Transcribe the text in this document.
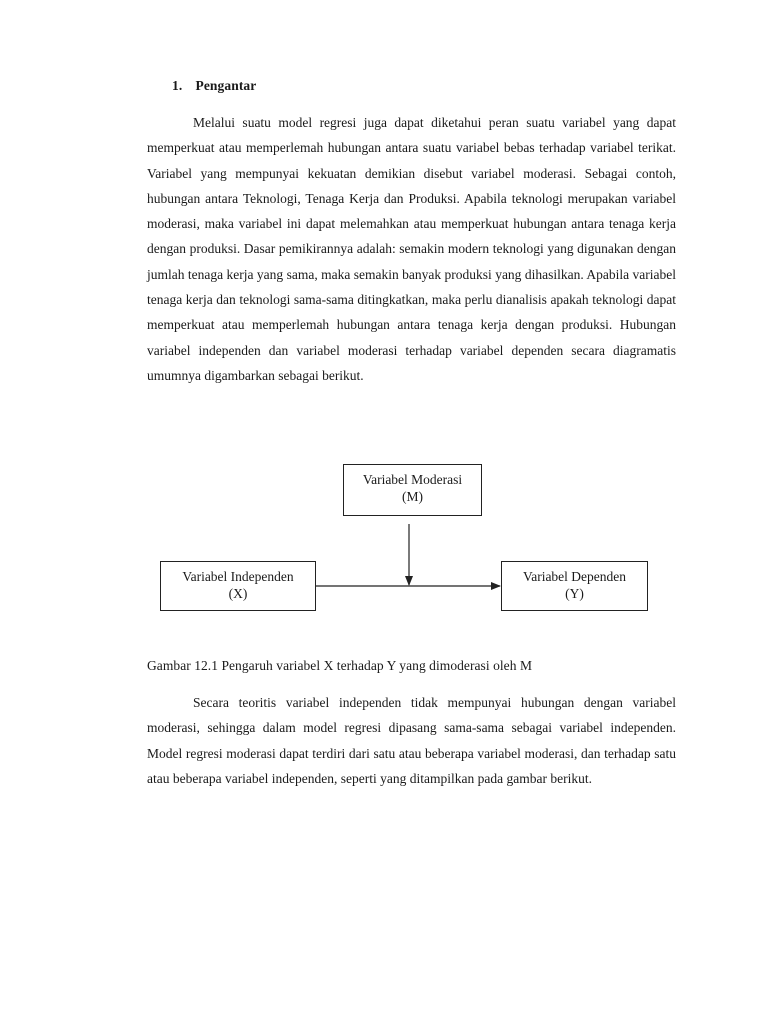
1. Pengantar

Melalui suatu model regresi juga dapat diketahui peran suatu variabel yang dapat memperkuat atau memperlemah hubungan antara suatu variabel bebas terhadap variabel terikat. Variabel yang mempunyai kekuatan demikian disebut variabel moderasi. Sebagai contoh, hubungan antara Teknologi, Tenaga Kerja dan Produksi. Apabila teknologi merupakan variabel moderasi, maka variabel ini dapat melemahkan atau memperkuat hubungan antara tenaga kerja dengan produksi. Dasar pemikirannya adalah: semakin modern teknologi yang digunakan dengan jumlah tenaga kerja yang sama, maka semakin banyak produksi yang dihasilkan. Apabila variabel tenaga kerja dan teknologi sama-sama ditingkatkan, maka perlu dianalisis apakah teknologi dapat memperkuat atau memperlemah hubungan antara tenaga kerja dengan produksi. Hubungan variabel independen dan variabel moderasi terhadap variabel dependen secara diagramatis umumnya digambarkan sebagai berikut.

Variabel Moderasi
(M)
Variabel Independen
(X)
Variabel Dependen
(Y)
Gambar 12.1 Pengaruh variabel X terhadap Y yang dimoderasi oleh M

Secara teoritis variabel independen tidak mempunyai hubungan dengan variabel moderasi, sehingga dalam model regresi dipasang sama-sama sebagai variabel independen. Model regresi moderasi dapat terdiri dari satu atau beberapa variabel moderasi, dan terhadap satu atau beberapa variabel independen, seperti yang ditampilkan pada gambar berikut.
